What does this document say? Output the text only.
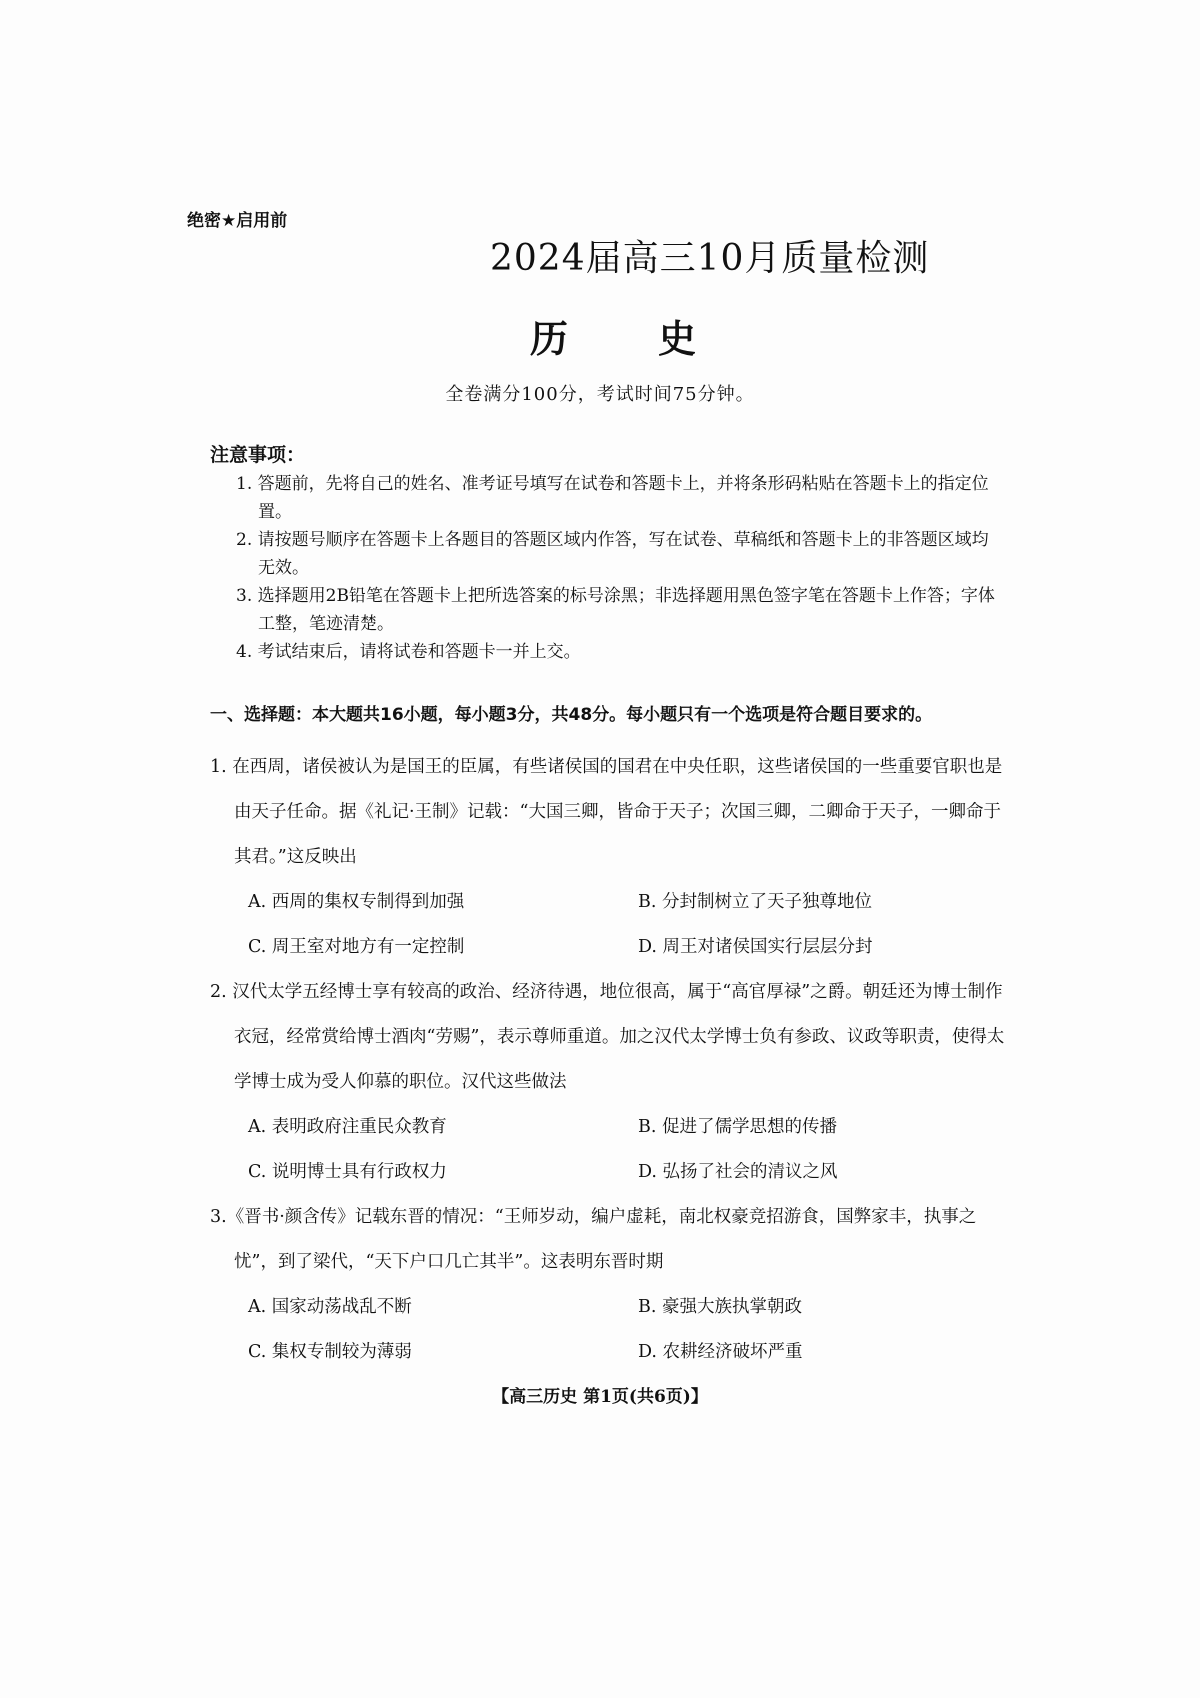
绝密★启用前
2024届高三10月质量检测
历史
全卷满分100分，考试时间75分钟。
注意事项：
1. 答题前，先将自己的姓名、准考证号填写在试卷和答题卡上，并将条形码粘贴在答题卡上的指定位置。
2. 请按题号顺序在答题卡上各题目的答题区域内作答，写在试卷、草稿纸和答题卡上的非答题区域均无效。
3. 选择题用2B铅笔在答题卡上把所选答案的标号涂黑；非选择题用黑色签字笔在答题卡上作答；字体工整，笔迹清楚。
4. 考试结束后，请将试卷和答题卡一并上交。
一、选择题：本大题共16小题，每小题3分，共48分。每小题只有一个选项是符合题目要求的。
1. 在西周，诸侯被认为是国王的臣属，有些诸侯国的国君在中央任职，这些诸侯国的一些重要官职也是由天子任命。据《礼记·王制》记载：“大国三卿，皆命于天子；次国三卿，二卿命于天子，一卿命于其君。”这反映出
A. 西周的集权专制得到加强	B. 分封制树立了天子独尊地位
C. 周王室对地方有一定控制	D. 周王对诸侯国实行层层分封
2. 汉代太学五经博士享有较高的政治、经济待遇，地位很高，属于“高官厚禄”之爵。朝廷还为博士制作衣冠，经常赏给博士酒肉“劳赐”，表示尊师重道。加之汉代太学博士负有参政、议政等职责，使得太学博士成为受人仰慕的职位。汉代这些做法
A. 表明政府注重民众教育	B. 促进了儒学思想的传播
C. 说明博士具有行政权力	D. 弘扬了社会的清议之风
3.《晋书·颜含传》记载东晋的情况：“王师岁动，编户虚耗，南北权豪竞招游食，国弊家丰，执事之忧”，到了梁代，“天下户口几亡其半”。这表明东晋时期
A. 国家动荡战乱不断	B. 豪强大族执掌朝政
C. 集权专制较为薄弱	D. 农耕经济破坏严重
【高三历史 第1页(共6页)】
